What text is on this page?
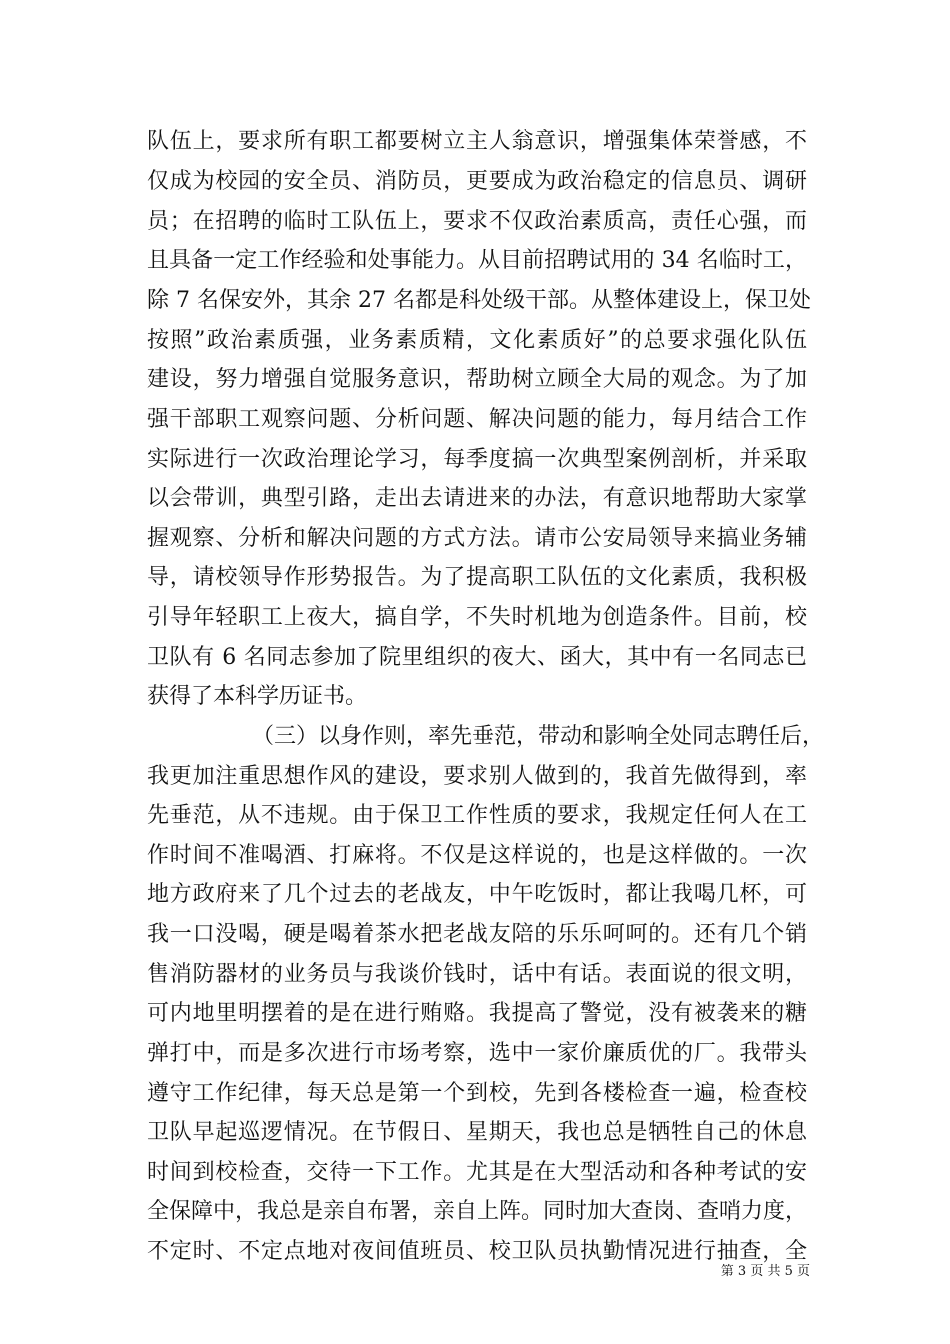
队伍上，要求所有职工都要树立主人翁意识，增强集体荣誉感，不
仅成为校园的安全员、消防员，更要成为政治稳定的信息员、调研
员；在招聘的临时工队伍上，要求不仅政治素质高，责任心强，而
且具备一定工作经验和处事能力。从目前招聘试用的 34 名临时工，
除 7 名保安外，其余 27 名都是科处级干部。从整体建设上，保卫处
按照”政治素质强，业务素质精，文化素质好”的总要求强化队伍
建设，努力增强自觉服务意识，帮助树立顾全大局的观念。为了加
强干部职工观察问题、分析问题、解决问题的能力，每月结合工作
实际进行一次政治理论学习，每季度搞一次典型案例剖析，并采取
以会带训，典型引路，走出去请进来的办法，有意识地帮助大家掌
握观察、分析和解决问题的方式方法。请市公安局领导来搞业务辅
导，请校领导作形势报告。为了提高职工队伍的文化素质，我积极
引导年轻职工上夜大，搞自学，不失时机地为创造条件。目前，校
卫队有 6 名同志参加了院里组织的夜大、函大，其中有一名同志已
获得了本科学历证书。
（三）以身作则，率先垂范，带动和影响全处同志聘任后，
我更加注重思想作风的建设，要求别人做到的，我首先做得到，率
先垂范，从不违规。由于保卫工作性质的要求，我规定任何人在工
作时间不准喝酒、打麻将。不仅是这样说的，也是这样做的。一次
地方政府来了几个过去的老战友，中午吃饭时，都让我喝几杯，可
我一口没喝，硬是喝着茶水把老战友陪的乐乐呵呵的。还有几个销
售消防器材的业务员与我谈价钱时，话中有话。表面说的很文明，
可内地里明摆着的是在进行贿赂。我提高了警觉，没有被袭来的糖
弹打中，而是多次进行市场考察，选中一家价廉质优的厂。我带头
遵守工作纪律，每天总是第一个到校，先到各楼检查一遍，检查校
卫队早起巡逻情况。在节假日、星期天，我也总是牺牲自己的休息
时间到校检查，交待一下工作。尤其是在大型活动和各种考试的安
全保障中，我总是亲自布署，亲自上阵。同时加大查岗、查哨力度，
不定时、不定点地对夜间值班员、校卫队员执勤情况进行抽查，全
第 3 页 共 5 页
